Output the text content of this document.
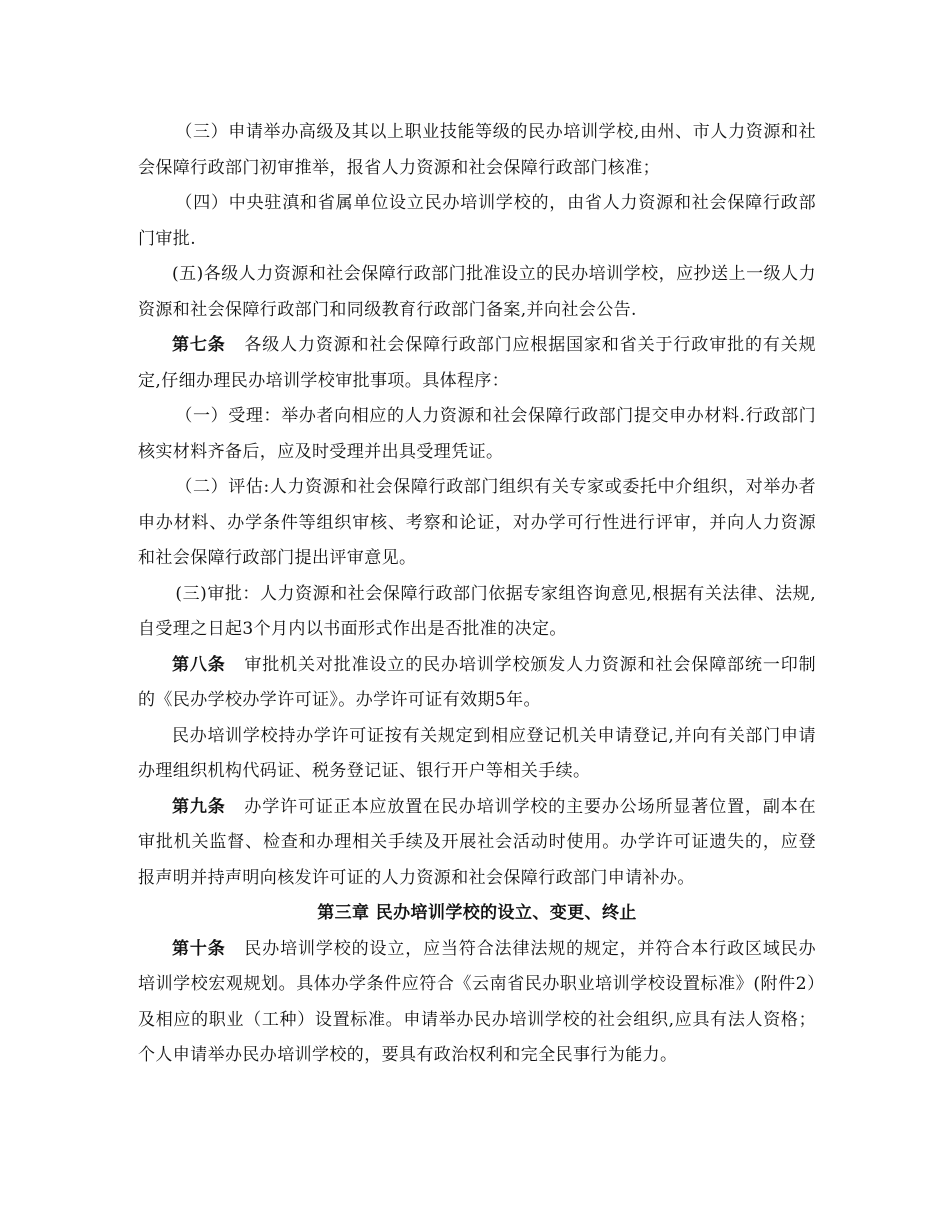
（三）申请举办高级及其以上职业技能等级的民办培训学校,由州、市人力资源和社会保障行政部门初审推举，报省人力资源和社会保障行政部门核准；

（四）中央驻滇和省属单位设立民办培训学校的，由省人力资源和社会保障行政部门审批.

(五)各级人力资源和社会保障行政部门批准设立的民办培训学校，应抄送上一级人力资源和社会保障行政部门和同级教育行政部门备案,并向社会公告.

第七条 各级人力资源和社会保障行政部门应根据国家和省关于行政审批的有关规定,仔细办理民办培训学校审批事项。具体程序：

（一）受理：举办者向相应的人力资源和社会保障行政部门提交申办材料.行政部门核实材料齐备后，应及时受理并出具受理凭证。

（二）评估:人力资源和社会保障行政部门组织有关专家或委托中介组织，对举办者申办材料、办学条件等组织审核、考察和论证，对办学可行性进行评审，并向人力资源和社会保障行政部门提出评审意见。

(三)审批：人力资源和社会保障行政部门依据专家组咨询意见,根据有关法律、法规,自受理之日起3个月内以书面形式作出是否批准的决定。

第八条 审批机关对批准设立的民办培训学校颁发人力资源和社会保障部统一印制的《民办学校办学许可证》。办学许可证有效期5年。

民办培训学校持办学许可证按有关规定到相应登记机关申请登记,并向有关部门申请办理组织机构代码证、税务登记证、银行开户等相关手续。

第九条 办学许可证正本应放置在民办培训学校的主要办公场所显著位置，副本在审批机关监督、检查和办理相关手续及开展社会活动时使用。办学许可证遗失的，应登报声明并持声明向核发许可证的人力资源和社会保障行政部门申请补办。

第三章 民办培训学校的设立、变更、终止

第十条 民办培训学校的设立，应当符合法律法规的规定，并符合本行政区域民办培训学校宏观规划。具体办学条件应符合《云南省民办职业培训学校设置标准》(附件2）及相应的职业（工种）设置标准。申请举办民办培训学校的社会组织,应具有法人资格；个人申请举办民办培训学校的，要具有政治权利和完全民事行为能力。
